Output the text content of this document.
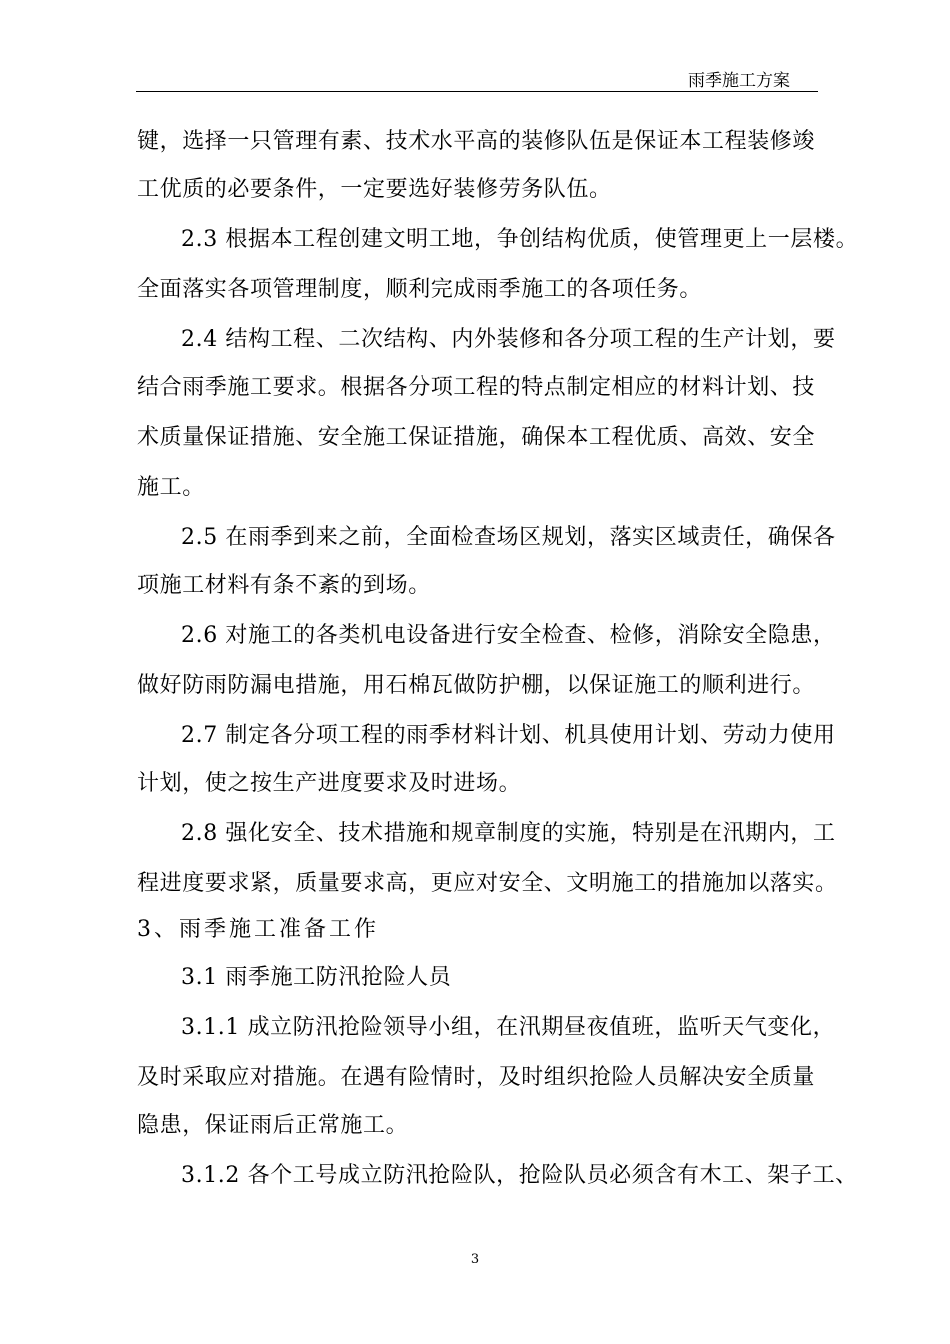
雨季施工方案
键，选择一只管理有素、技术水平高的装修队伍是保证本工程装修竣
工优质的必要条件，一定要选好装修劳务队伍。
2.3 根据本工程创建文明工地，争创结构优质，使管理更上一层楼。
全面落实各项管理制度，顺利完成雨季施工的各项任务。
2.4 结构工程、二次结构、内外装修和各分项工程的生产计划，要
结合雨季施工要求。根据各分项工程的特点制定相应的材料计划、技
术质量保证措施、安全施工保证措施，确保本工程优质、高效、安全
施工。
2.5 在雨季到来之前，全面检查场区规划，落实区域责任，确保各
项施工材料有条不紊的到场。
2.6 对施工的各类机电设备进行安全检查、检修，消除安全隐患，
做好防雨防漏电措施，用石棉瓦做防护棚，以保证施工的顺利进行。
2.7 制定各分项工程的雨季材料计划、机具使用计划、劳动力使用
计划，使之按生产进度要求及时进场。
2.8 强化安全、技术措施和规章制度的实施，特别是在汛期内，工
程进度要求紧，质量要求高，更应对安全、文明施工的措施加以落实。
3、雨季施工准备工作
3.1 雨季施工防汛抢险人员
3.1.1 成立防汛抢险领导小组，在汛期昼夜值班，监听天气变化，
及时采取应对措施。在遇有险情时，及时组织抢险人员解决安全质量
隐患，保证雨后正常施工。
3.1.2 各个工号成立防汛抢险队，抢险队员必须含有木工、架子工、
3
